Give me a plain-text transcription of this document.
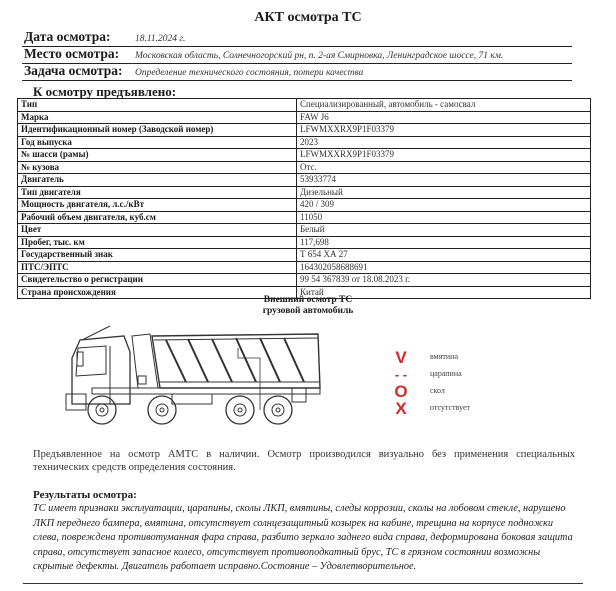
АКТ осмотра ТС
Дата осмотра:	18.11.2024 г.
Место осмотра: Московская область, Солнечногорский рн, п. 2-ая Смирновка, Ленинградское шоссе, 71 км.
Задача осмотра: Определение технического состояния, потери качества
К осмотру предъявлено:
Тип	Специализированный, автомобиль - самосвал
Марка	FAW J6
Идентификационный номер (Заводской номер)	LFWMXXRX9P1F03379
Год выпуска	2023
№ шасси (рамы)	LFWMXXRX9P1F03379
№ кузова	Отс.
Двигатель	53933774
Тип двигателя	Дизельный
Мощность двигателя, л.с./кВт	420 / 309
Рабочий объем двигателя, куб.см	11050
Цвет	Белый
Пробег, тыс. км	117,698
Государственный знак	Т 654 ХА 27
ПТС/ЭПТС	164302058688691
Свидетельство о регистрации	99 54 367839 от 18.08.2023 г.
Страна происхождения	Китай
Внешний осмотр ТС
грузовой автомобиль
V	вмятина
- -	царапина
O	скол
X	отсутствует
Предъявленное на осмотр АМТС в наличии. Осмотр производился визуально без применения специальных технических средств определения состояния.
Результаты осмотра:
ТС имеет признаки эксплуатации, царапины, сколы ЛКП, вмятины, следы коррозии, сколы на лобовом стекле, нарушено ЛКП переднего бампера, вмятина, отсутствует солнцезащитный козырек на кабине, трещина на корпусе подножки слева, повреждена противотуманная фара справа, разбито зеркало заднего вида справа, деформирована боковая защита справа, отсутствует запасное колесо, отсутствует противоподкатный брус, ТС в грязном состоянии возможны скрытые дефекты. Двигатель работает исправно.Состояние – Удовлетворительное.
